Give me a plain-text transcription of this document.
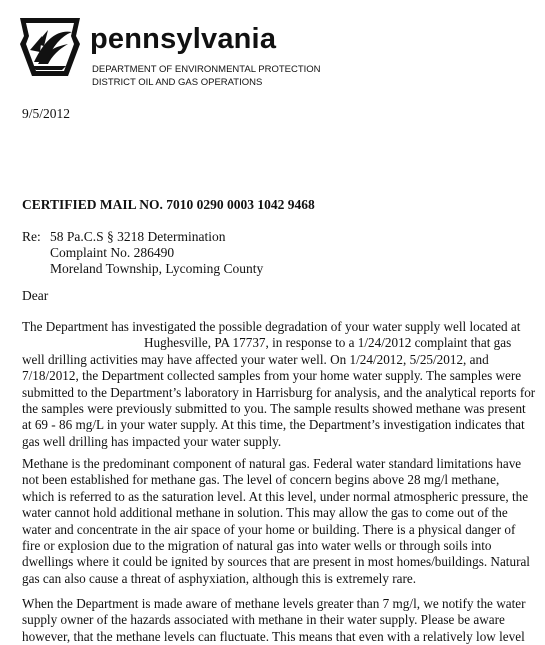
pennsylvania
DEPARTMENT OF ENVIRONMENTAL PROTECTION
DISTRICT OIL AND GAS OPERATIONS
9/5/2012
CERTIFIED MAIL NO. 7010 0290 0003 1042 9468
Re: 58 Pa.C.S § 3218 Determination
Complaint No. 286490
Moreland Township, Lycoming County
Dear
The Department has investigated the possible degradation of your water supply well located at
Hughesville, PA 17737, in response to a 1/24/2012 complaint that gas
well drilling activities may have affected your water well. On 1/24/2012, 5/25/2012, and
7/18/2012, the Department collected samples from your home water supply. The samples were
submitted to the Department’s laboratory in Harrisburg for analysis, and the analytical reports for
the samples were previously submitted to you. The sample results showed methane was present
at 69 - 86 mg/L in your water supply. At this time, the Department’s investigation indicates that
gas well drilling has impacted your water supply.
Methane is the predominant component of natural gas. Federal water standard limitations have
not been established for methane gas. The level of concern begins above 28 mg/l methane,
which is referred to as the saturation level. At this level, under normal atmospheric pressure, the
water cannot hold additional methane in solution. This may allow the gas to come out of the
water and concentrate in the air space of your home or building. There is a physical danger of
fire or explosion due to the migration of natural gas into water wells or through soils into
dwellings where it could be ignited by sources that are present in most homes/buildings. Natural
gas can also cause a threat of asphyxiation, although this is extremely rare.
When the Department is made aware of methane levels greater than 7 mg/l, we notify the water
supply owner of the hazards associated with methane in their water supply. Please be aware
however, that the methane levels can fluctuate. This means that even with a relatively low level
